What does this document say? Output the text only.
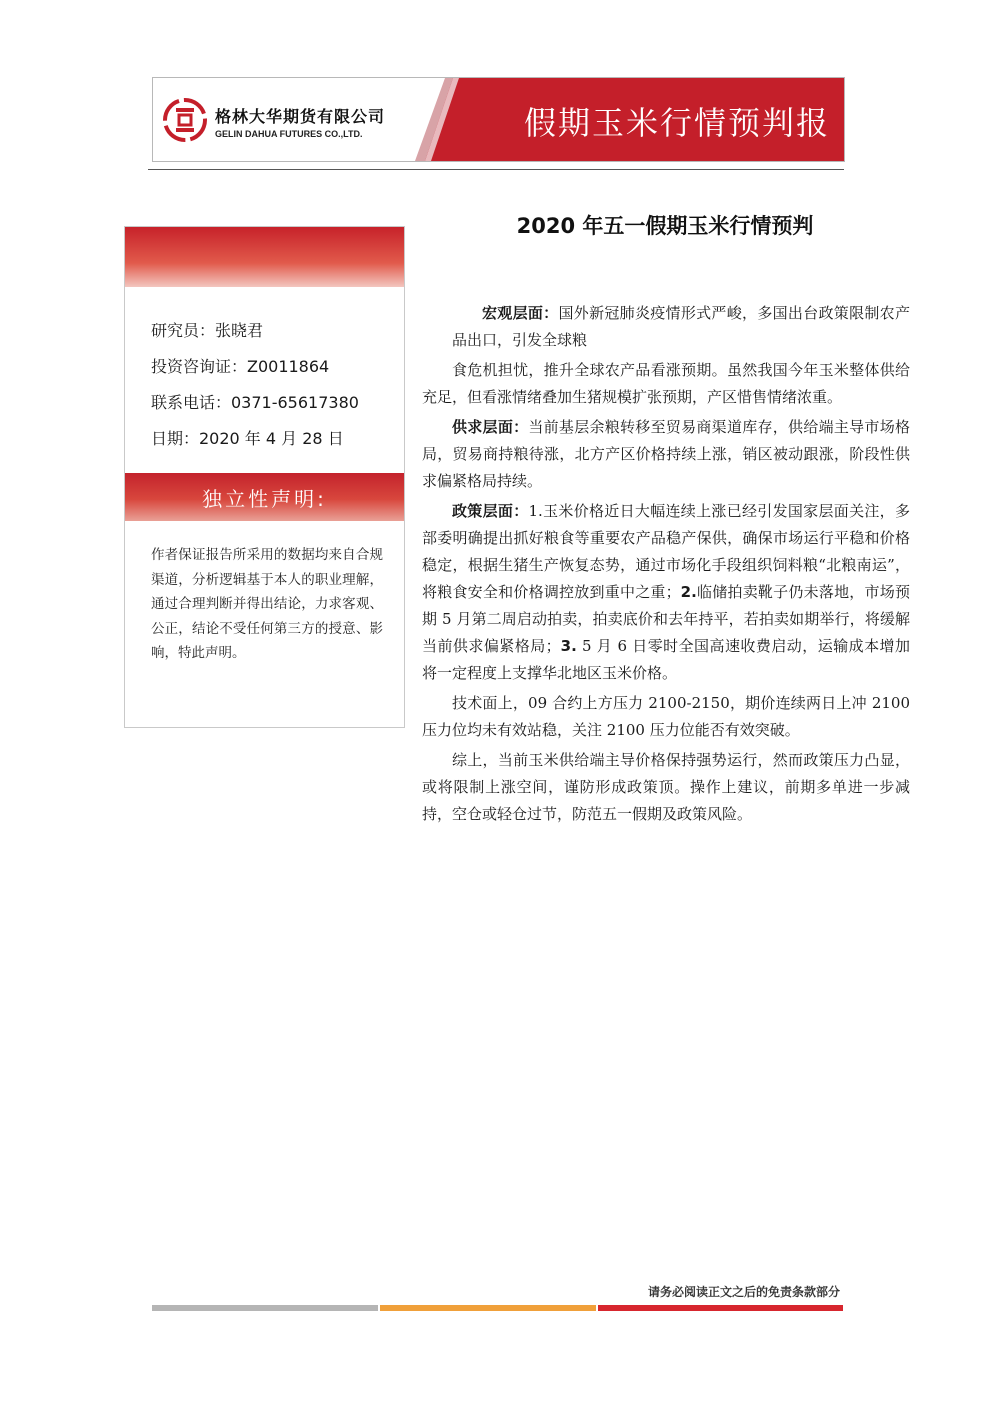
格林大华期货有限公司
GELIN DAHUA FUTURES CO.,LTD.	假期玉米行情预判报
2020 年五一假期玉米行情预判
研究员：张晓君
投资咨询证：Z0011864
联系电话：0371-65617380
日期：2020 年 4 月 28 日
独立性声明:
作者保证报告所采用的数据均来自合规渠道，分析逻辑基于本人的职业理解，通过合理判断并得出结论，力求客观、公正，结论不受任何第三方的授意、影响，特此声明。

宏观层面：国外新冠肺炎疫情形式严峻，多国出台政策限制农产品出口，引发全球粮

食危机担忧，推升全球农产品看涨预期。虽然我国今年玉米整体供给充足，但看涨情绪叠加生猪规模扩张预期，产区惜售情绪浓重。

供求层面：当前基层余粮转移至贸易商渠道库存，供给端主导市场格局，贸易商持粮待涨，北方产区价格持续上涨，销区被动跟涨，阶段性供求偏紧格局持续。

政策层面：1.玉米价格近日大幅连续上涨已经引发国家层面关注，多部委明确提出抓好粮食等重要农产品稳产保供，确保市场运行平稳和价格稳定，根据生猪生产恢复态势，通过市场化手段组织饲料粮“北粮南运”，将粮食安全和价格调控放到重中之重；2.临储拍卖靴子仍未落地，市场预期 5 月第二周启动拍卖，拍卖底价和去年持平，若拍卖如期举行，将缓解当前供求偏紧格局；3. 5 月 6 日零时全国高速收费启动，运输成本增加将一定程度上支撑华北地区玉米价格。

技术面上，09 合约上方压力 2100-2150，期价连续两日上冲 2100 压力位均未有效站稳，关注 2100 压力位能否有效突破。

综上，当前玉米供给端主导价格保持强势运行，然而政策压力凸显，或将限制上涨空间，谨防形成政策顶。操作上建议，前期多单进一步减持，空仓或轻仓过节，防范五一假期及政策风险。

请务必阅读正文之后的免责条款部分
